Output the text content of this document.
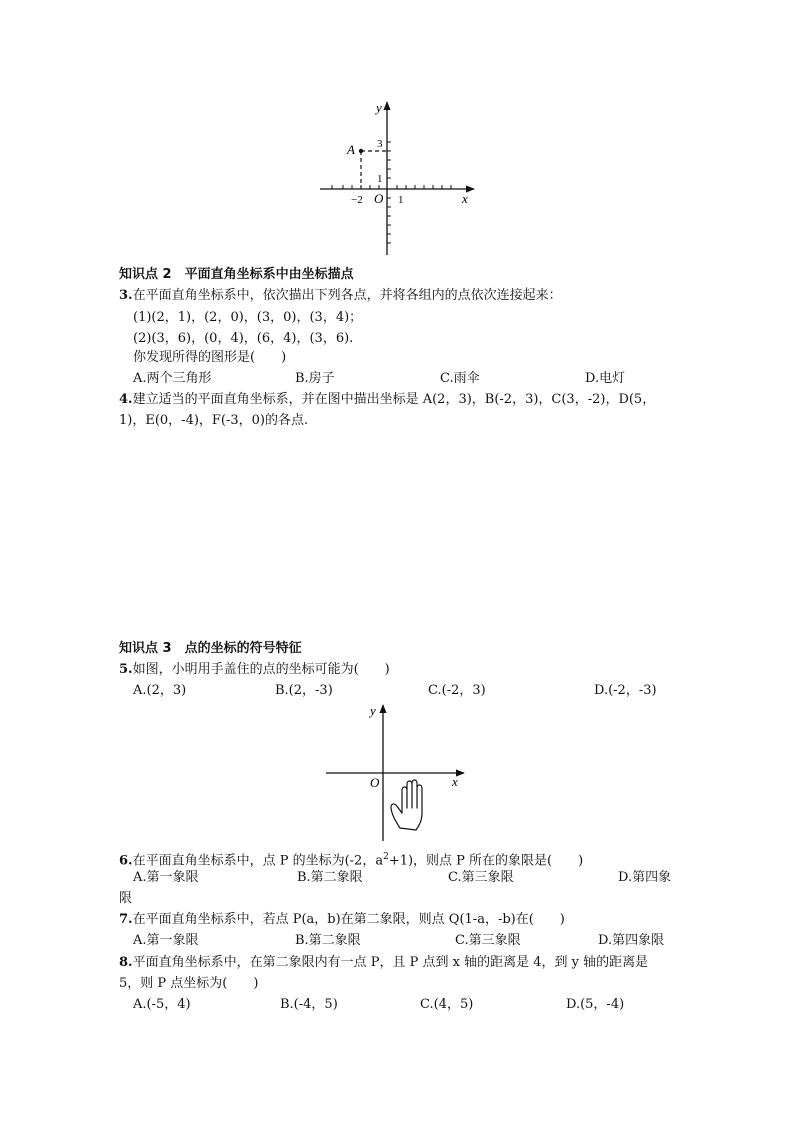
y
x
A 3
1
−2 O 1
知识点 2　平面直角坐标系中由坐标描点
3.在平面直角坐标系中，依次描出下列各点，并将各组内的点依次连接起来：
(1)(2，1)，(2，0)，(3，0)，(3，4)；
(2)(3，6)，(0，4)，(6，4)，(3，6).
你发现所得的图形是(　　)
A.两个三角形	B.房子	C.雨伞	D.电灯
4.建立适当的平面直角坐标系，并在图中描出坐标是 A(2，3)，B(-2，3)，C(3，-2)，D(5，
1)，E(0，-4)，F(-3，0)的各点.
知识点 3　点的坐标的符号特征
5.如图，小明用手盖住的点的坐标可能为(　　)
A.(2，3)	B.(2，-3)	C.(-2，3)	D.(-2，-3)
y
x
O
6.在平面直角坐标系中，点 P 的坐标为(-2，$a^2+1$)，则点 P 所在的象限是(　　)
A.第一象限	B.第二象限	C.第三象限	D.第四象
限
7.在平面直角坐标系中，若点 P(a，b)在第二象限，则点 Q(1-a，-b)在(　　)
A.第一象限	B.第二象限	C.第三象限	D.第四象限
8.平面直角坐标系中，在第二象限内有一点 P，且 P 点到 x 轴的距离是 4，到 y 轴的距离是
5，则 P 点坐标为(　　)
A.(-5，4)	B.(-4，5)	C.(4，5)	D.(5，-4)
